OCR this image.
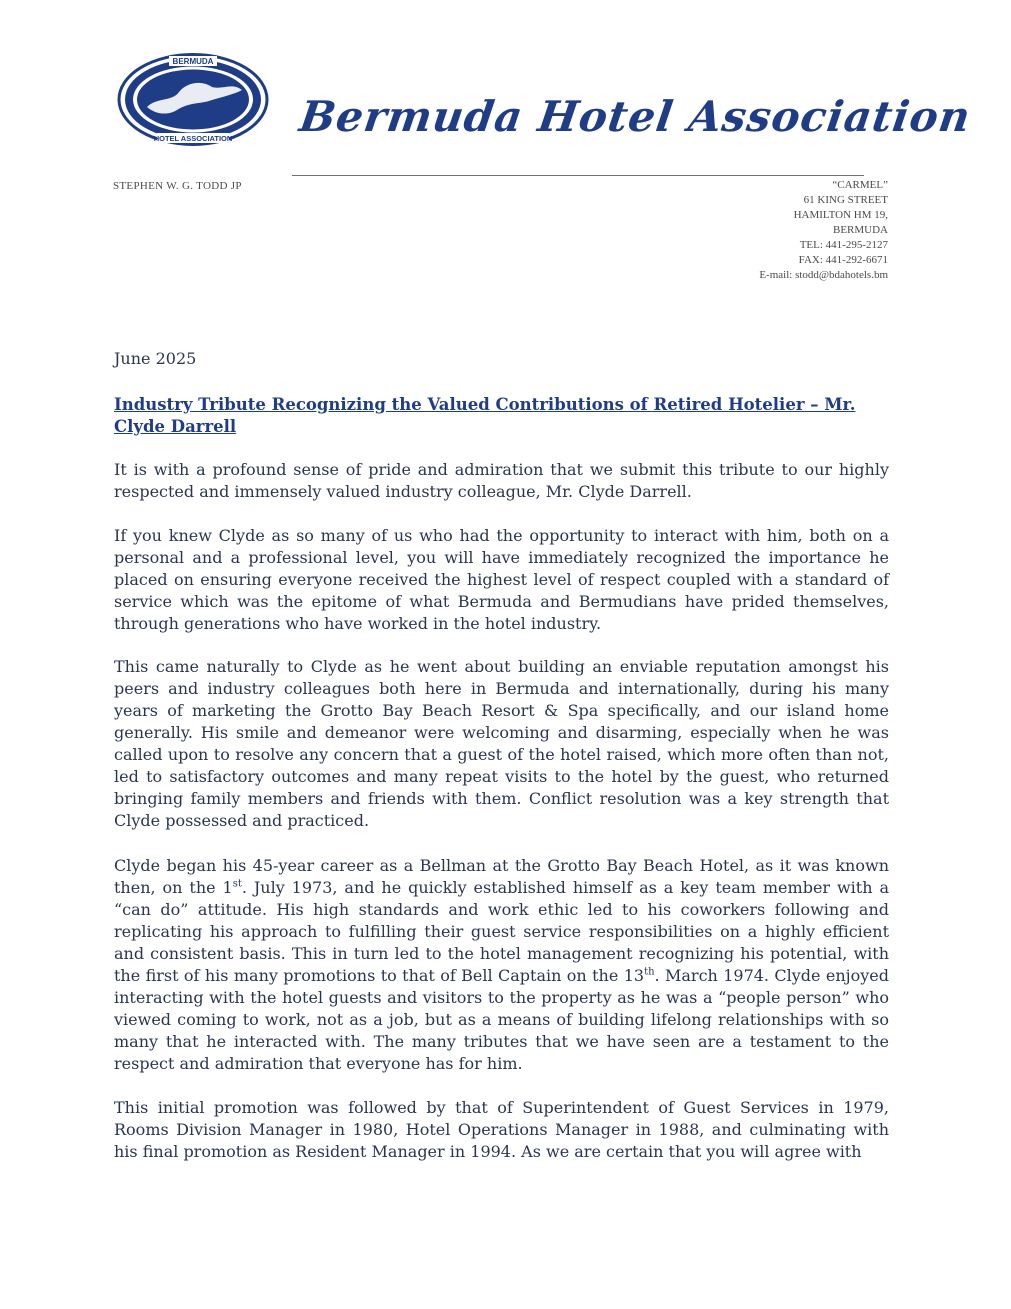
BERMUDA
HOTEL ASSOCIATION Bermuda Hotel Association
STEPHEN W. G. TODD JP	“CARMEL”
61 KING STREET
HAMILTON HM 19,
BERMUDA
TEL: 441-295-2127
FAX: 441-292-6671
E-mail: stodd@bdahotels.bm
June 2025
Industry Tribute Recognizing the Valued Contributions of Retired Hotelier – Mr. Clyde Darrell
It is with a profound sense of pride and admiration that we submit this tribute to our highly respected and immensely valued industry colleague, Mr. Clyde Darrell.
If you knew Clyde as so many of us who had the opportunity to interact with him, both on a personal and a professional level, you will have immediately recognized the importance he placed on ensuring everyone received the highest level of respect coupled with a standard of service which was the epitome of what Bermuda and Bermudians have prided themselves, through generations who have worked in the hotel industry.
This came naturally to Clyde as he went about building an enviable reputation amongst his peers and industry colleagues both here in Bermuda and internationally, during his many years of marketing the Grotto Bay Beach Resort & Spa specifically, and our island home generally. His smile and demeanor were welcoming and disarming, especially when he was called upon to resolve any concern that a guest of the hotel raised, which more often than not, led to satisfactory outcomes and many repeat visits to the hotel by the guest, who returned bringing family members and friends with them. Conflict resolution was a key strength that Clyde possessed and practiced.
Clyde began his 45-year career as a Bellman at the Grotto Bay Beach Hotel, as it was known then, on the 1st. July 1973, and he quickly established himself as a key team member with a “can do” attitude. His high standards and work ethic led to his coworkers following and replicating his approach to fulfilling their guest service responsibilities on a highly efficient and consistent basis. This in turn led to the hotel management recognizing his potential, with the first of his many promotions to that of Bell Captain on the 13th. March 1974. Clyde enjoyed interacting with the hotel guests and visitors to the property as he was a “people person” who viewed coming to work, not as a job, but as a means of building lifelong relationships with so many that he interacted with. The many tributes that we have seen are a testament to the respect and admiration that everyone has for him.
This initial promotion was followed by that of Superintendent of Guest Services in 1979, Rooms Division Manager in 1980, Hotel Operations Manager in 1988, and culminating with his final promotion as Resident Manager in 1994. As we are certain that you will agree with
